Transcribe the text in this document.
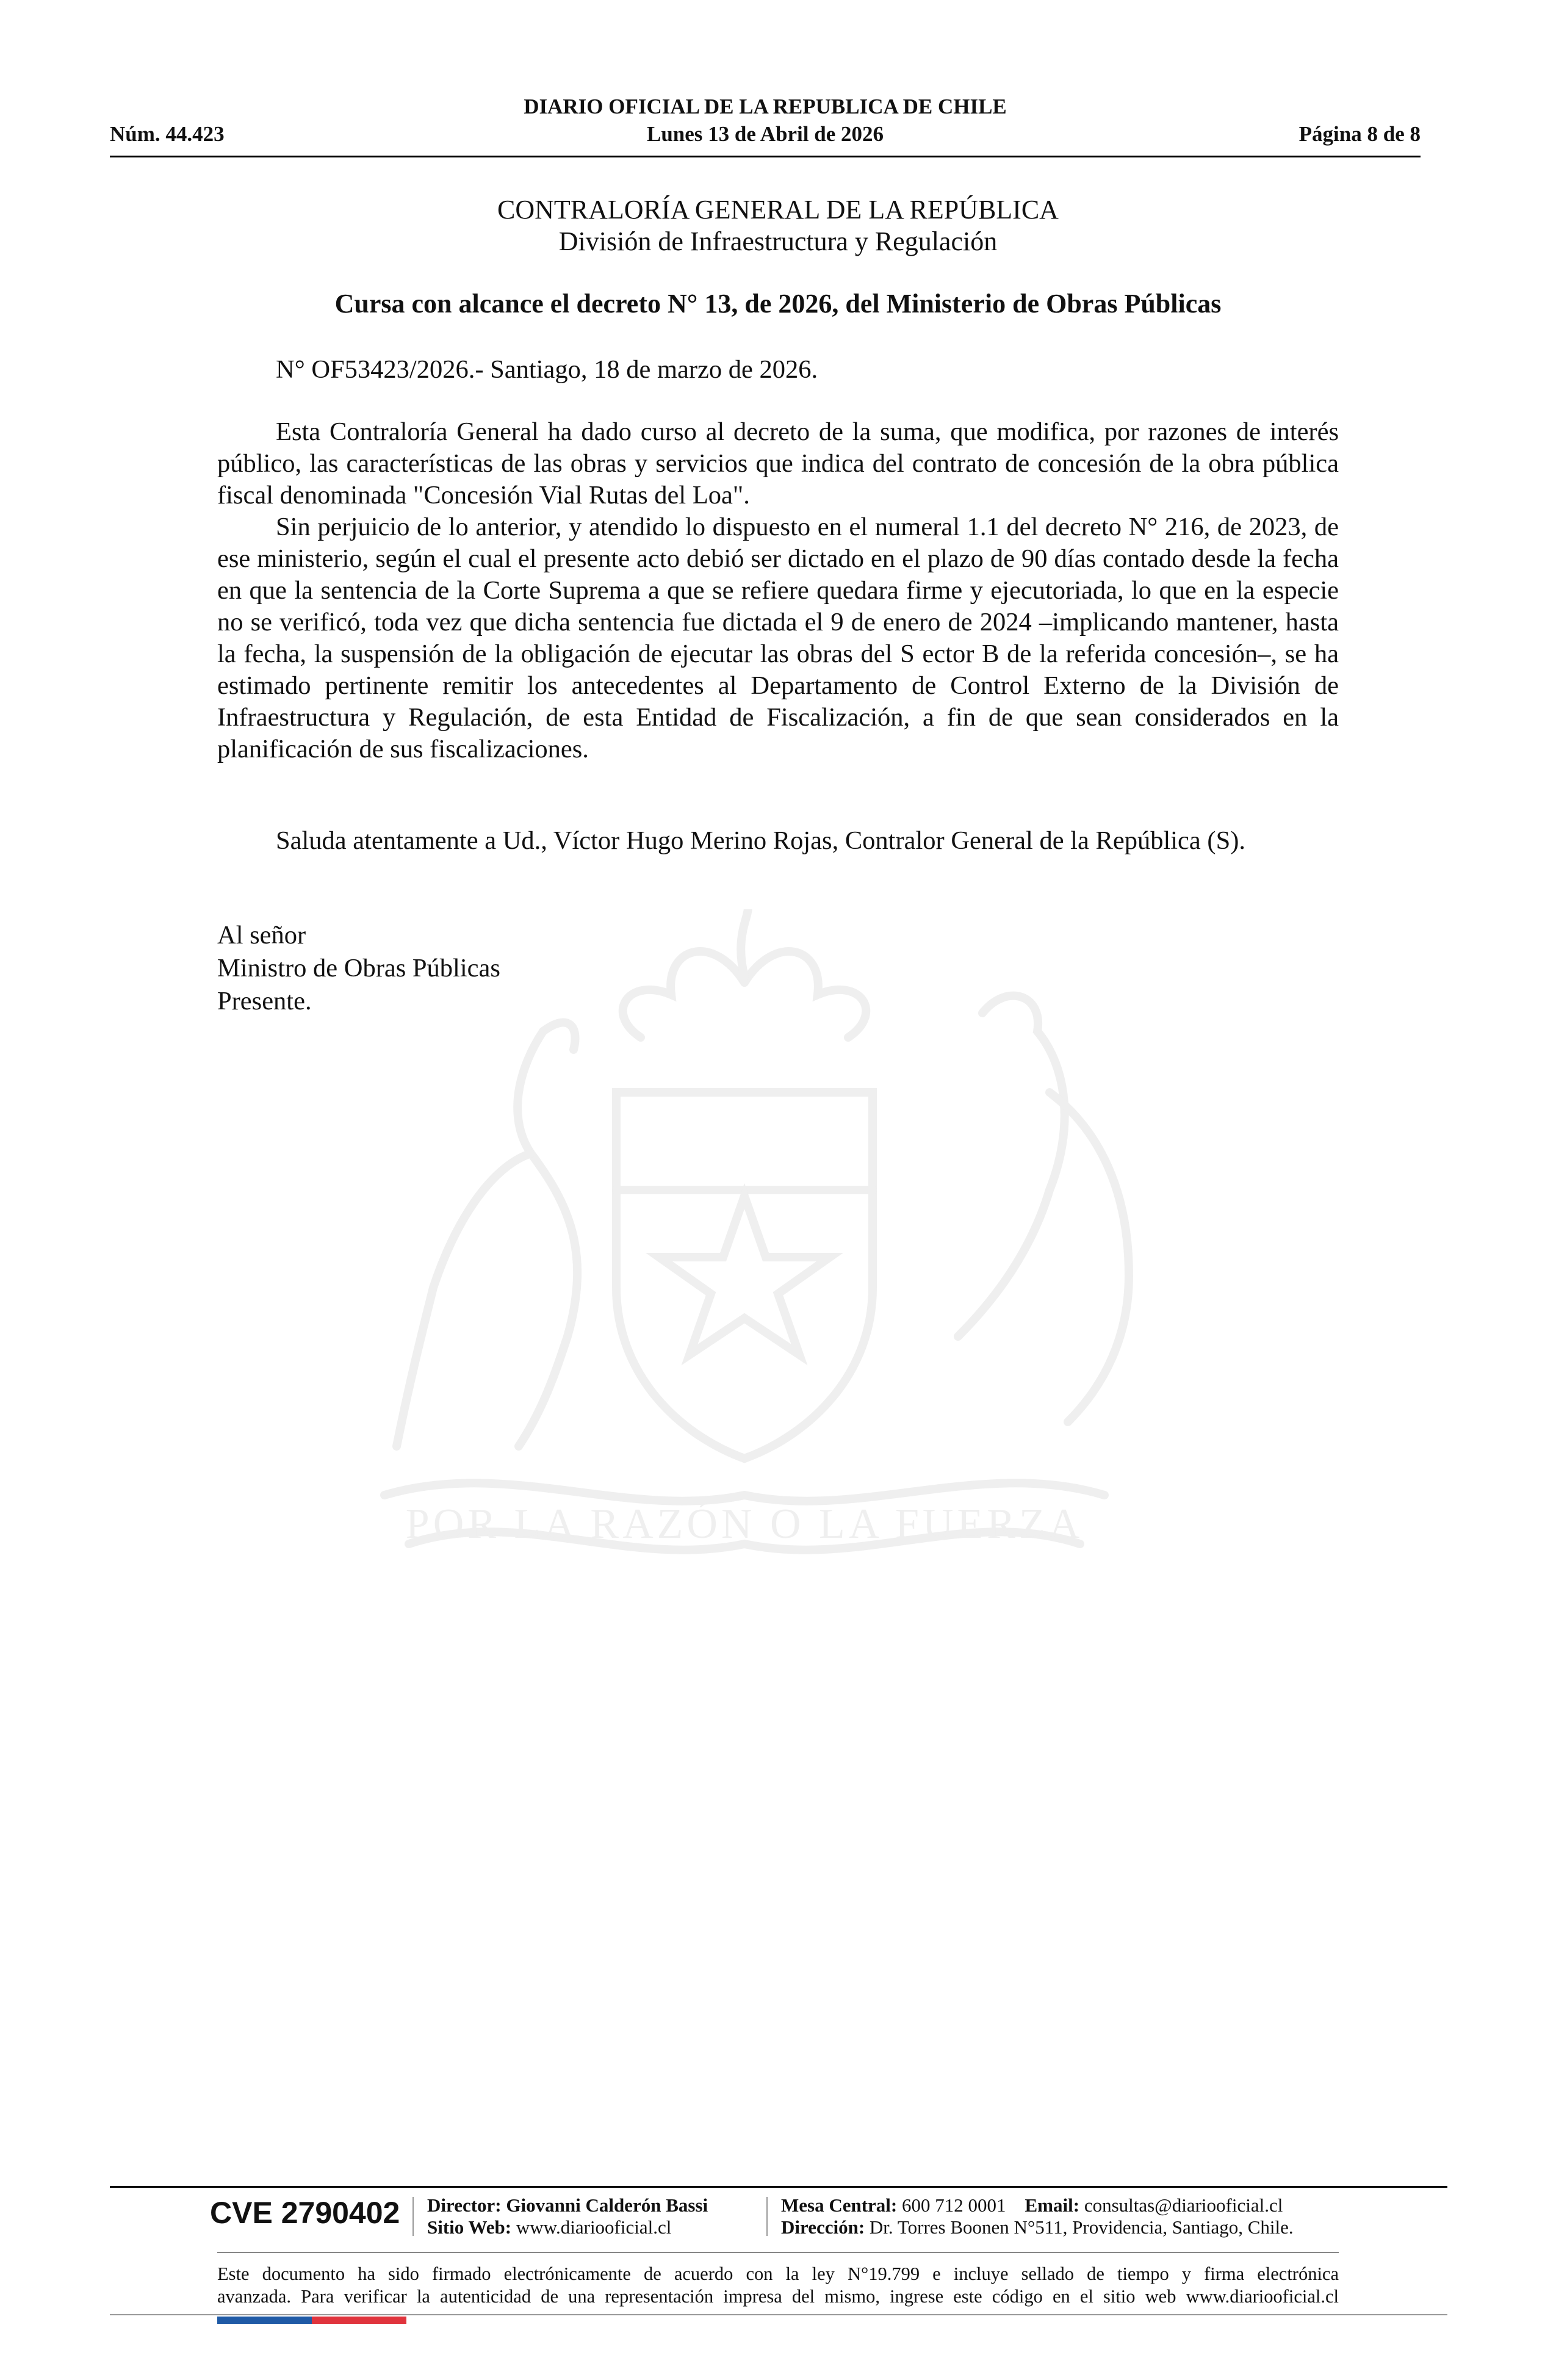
DIARIO OFICIAL DE LA REPUBLICA DE CHILE
Lunes 13 de Abril de 2026
Núm. 44.423	Página 8 de 8
POR LA RAZÓN O LA FUERZA
CONTRALORÍA GENERAL DE LA REPÚBLICA
División de Infraestructura y Regulación
Cursa con alcance el decreto N° 13, de 2026, del Ministerio de Obras Públicas
N° OF53423/2026.- Santiago, 18 de marzo de 2026.

Esta Contraloría General ha dado curso al decreto de la suma, que modifica, por razones de interés público, las características de las obras y servicios que indica del contrato de concesión de la obra pública fiscal denominada "Concesión Vial Rutas del Loa".

Sin perjuicio de lo anterior, y atendido lo dispuesto en el numeral 1.1 del decreto N° 216, de 2023, de ese ministerio, según el cual el presente acto debió ser dictado en el plazo de 90 días contado desde la fecha en que la sentencia de la Corte Suprema a que se refiere quedara firme y ejecutoriada, lo que en la especie no se verificó, toda vez que dicha sentencia fue dictada el 9 de enero de 2024 –implicando mantener, hasta la fecha, la suspensión de la obligación de ejecutar las obras del S ector B de la referida concesión–, se ha estimado pertinente remitir los antecedentes al Departamento de Control Externo de la División de Infraestructura y Regulación, de esta Entidad de Fiscalización, a fin de que sean considerados en la planificación de sus fiscalizaciones.

Saluda atentamente a Ud., Víctor Hugo Merino Rojas, Contralor General de la República (S).

Al señor
Ministro de Obras Públicas
Presente.
CVE 2790402 Director: Giovanni Calderón Bassi
Sitio Web: www.diariooficial.cl
Mesa Central: 600 712 0001 Email: consultas@diariooficial.cl
Dirección: Dr. Torres Boonen N°511, Providencia, Santiago, Chile.
Este documento ha sido firmado electrónicamente de acuerdo con la ley N°19.799 e incluye sellado de tiempo y firma electrónica
avanzada. Para verificar la autenticidad de una representación impresa del mismo, ingrese este código en el sitio web www.diariooficial.cl
